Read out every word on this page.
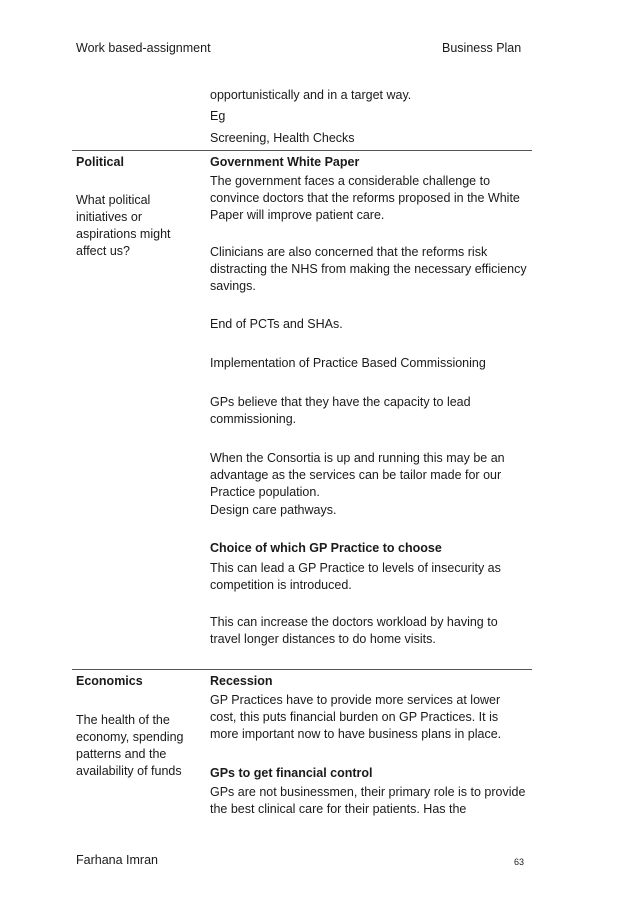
Work based-assignment	Business Plan

opportunistically and in a target way.

Eg

Screening, Health Checks

Political

What political initiatives or aspirations might affect us?

Government White Paper

The government faces a considerable challenge to convince doctors that the reforms proposed in the White Paper will improve patient care.

Clinicians are also concerned that the reforms risk distracting the NHS from making the necessary efficiency savings.

End of PCTs and SHAs.

Implementation of Practice Based Commissioning

GPs believe that they have the capacity to lead commissioning.

When the Consortia is up and running this may be an advantage as the services can be tailor made for our Practice population.

Design care pathways.

Choice of which GP Practice to choose

This can lead a GP Practice to levels of insecurity as competition is introduced.

This can increase the doctors workload by having to travel longer distances to do home visits.

Economics

The health of the economy, spending patterns and the availability of funds

Recession

GP Practices have to provide more services at lower cost, this puts financial burden on GP Practices. It is more important now to have business plans in place.

GPs to get financial control

GPs are not businessmen, their primary role is to provide the best clinical care for their patients. Has the

Farhana Imran	63
